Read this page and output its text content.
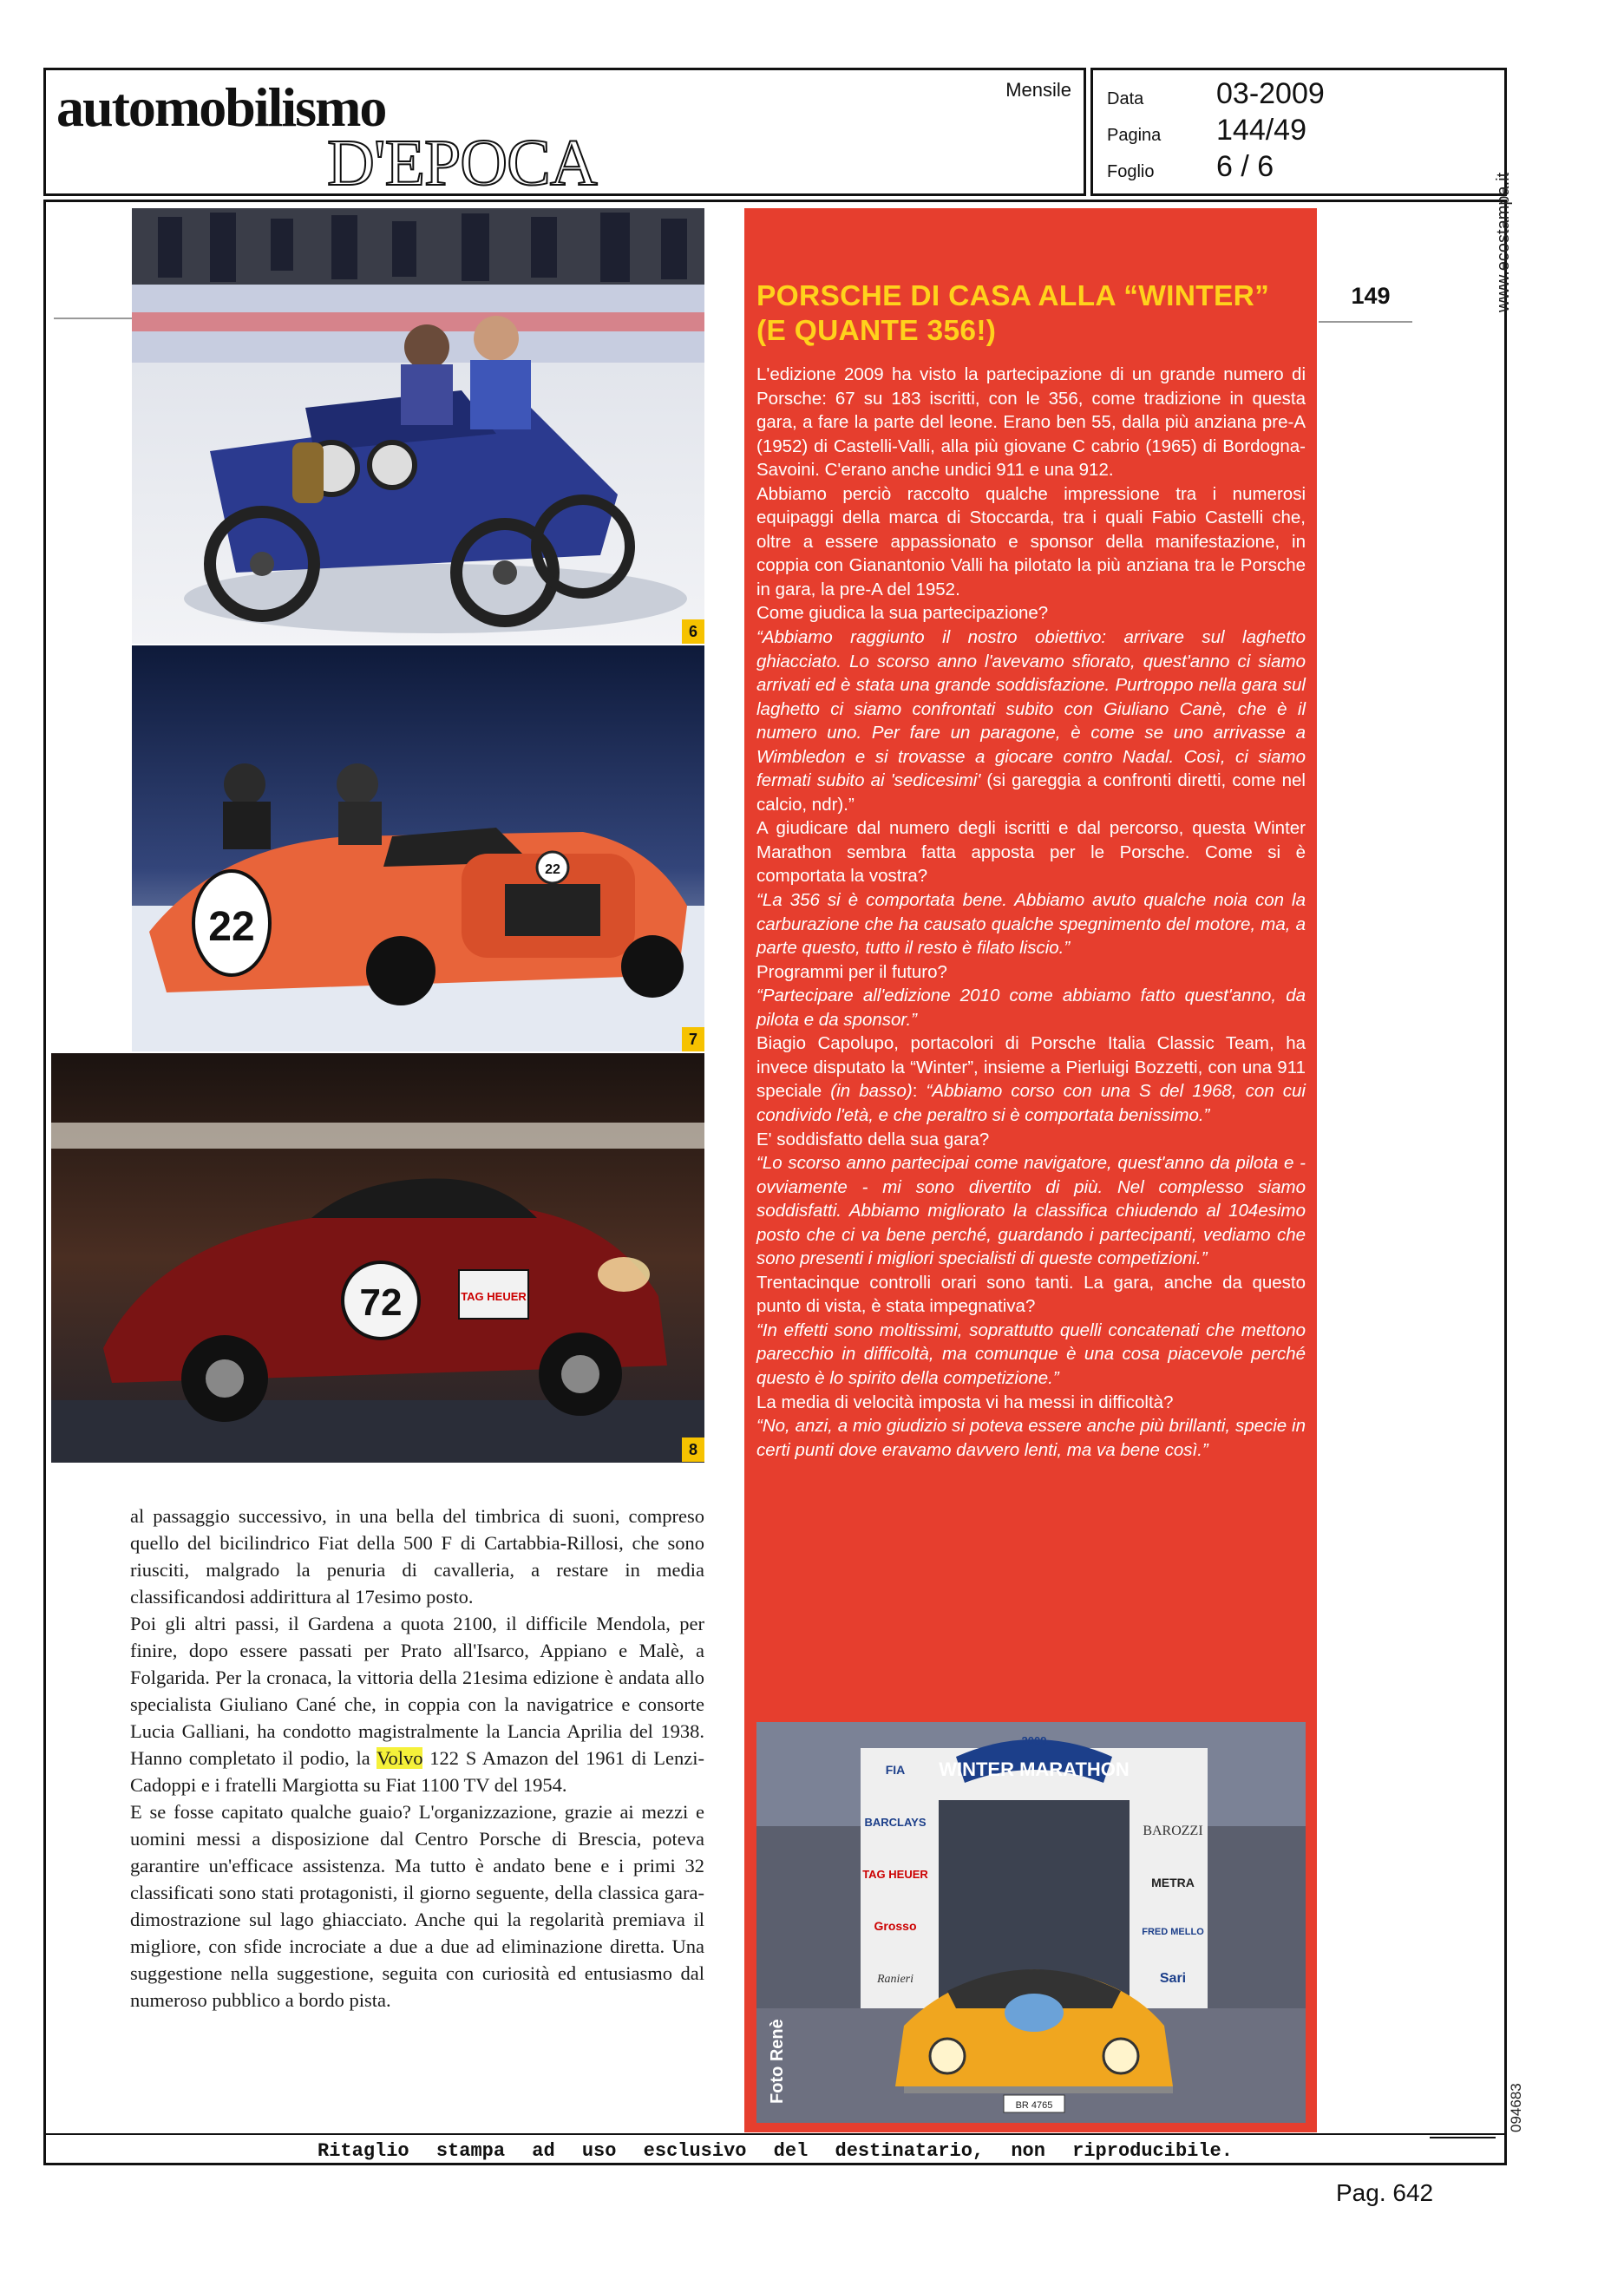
automobilismo
D'EPOCA
Mensile Data 03-2009
Pagina 144/49
Foglio 6 / 6
6
22
22
7
72	TAG HEUER
8

al passaggio successivo, in una bella del timbrica di suoni, compreso quello del bicilindrico Fiat della 500 F di Cartabbia-Rillosi, che sono riusciti, malgrado la penuria di cavalleria, a restare in media classificandosi addirittura al 17esimo posto.

Poi gli altri passi, il Gardena a quota 2100, il difficile Mendola, per finire, dopo essere passati per Prato all'Isarco, Appiano e Malè, a Folgarida. Per la cronaca, la vittoria della 21esima edizione è andata allo specialista Giuliano Cané che, in coppia con la navigatrice e consorte Lucia Galliani, ha condotto magistralmente la Lancia Aprilia del 1938. Hanno completato il podio, la Volvo 122 S Amazon del 1961 di Lenzi-Cadoppi e i fratelli Margiotta su Fiat 1100 TV del 1954.

E se fosse capitato qualche guaio? L'organizzazione, grazie ai mezzi e uomini messi a disposizione dal Centro Porsche di Brescia, poteva garantire un'efficace assistenza. Ma tutto è andato bene e i primi 32 classificati sono stati protagonisti, il giorno seguente, della classica gara-dimostrazione sul lago ghiacciato. Anche qui la regolarità premiava il migliore, con sfide incrociate a due a due ad eliminazione diretta. Una suggestione nella suggestione, seguita con curiosità ed entusiasmo dal numeroso pubblico a bordo pista.

PORSCHE DI CASA ALLA “WINTER”
(E QUANTE 356!)

L'edizione 2009 ha visto la partecipazione di un grande numero di Porsche: 67 su 183 iscritti, con le 356, come tradizione in questa gara, a fare la parte del leone. Erano ben 55, dalla più anziana pre-A (1952) di Castelli-Valli, alla più giovane C cabrio (1965) di Bordogna-Savoini. C'erano anche undici 911 e una 912.

Abbiamo perciò raccolto qualche impressione tra i numerosi equipaggi della marca di Stoccarda, tra i quali Fabio Castelli che, oltre a essere appassionato e sponsor della manifestazione, in coppia con Gianantonio Valli ha pilotato la più anziana tra le Porsche in gara, la pre-A del 1952.

Come giudica la sua partecipazione?

“Abbiamo raggiunto il nostro obiettivo: arrivare sul laghetto ghiacciato. Lo scorso anno l'avevamo sfiorato, quest'anno ci siamo arrivati ed è stata una grande soddisfazione. Purtroppo nella gara sul laghetto ci siamo confrontati subito con Giuliano Canè, che è il numero uno. Per fare un paragone, è come se uno arrivasse a Wimbledon e si trovasse a giocare contro Nadal. Così, ci siamo fermati subito ai 'sedicesimi' (si gareggia a confronti diretti, come nel calcio, ndr).”

A giudicare dal numero degli iscritti e dal percorso, questa Winter Marathon sembra fatta apposta per le Porsche. Come si è comportata la vostra?

“La 356 si è comportata bene. Abbiamo avuto qualche noia con la carburazione che ha causato qualche spegnimento del motore, ma, a parte questo, tutto il resto è filato liscio.”

Programmi per il futuro?

“Partecipare all'edizione 2010 come abbiamo fatto quest'anno, da pilota e da sponsor.”

Biagio Capolupo, portacolori di Porsche Italia Classic Team, ha invece disputato la “Winter”, insieme a Pierluigi Bozzetti, con una 911 speciale (in basso): “Abbiamo corso con una S del 1968, con cui condivido l'età, e che peraltro si è comportata benissimo.”

E' soddisfatto della sua gara?

“Lo scorso anno partecipai come navigatore, quest'anno da pilota e - ovviamente - mi sono divertito di più. Nel complesso siamo soddisfatti. Abbiamo migliorato la classifica chiudendo al 104esimo posto che ci va bene perché, guardando i partecipanti, vediamo che sono presenti i migliori specialisti di queste competizioni.”

Trentacinque controlli orari sono tanti. La gara, anche da questo punto di vista, è stata impegnativa?

“In effetti sono moltissimi, soprattutto quelli concatenati che mettono parecchio in difficoltà, ma comunque è una cosa piacevole perché questo è lo spirito della competizione.”

La media di velocità imposta vi ha messi in difficoltà?

“No, anzi, a mio giudizio si poteva essere anche più brillanti, specie in certi punti dove eravamo davvero lenti, ma va bene così.”

WINTER MARATHON
2009
FIA
BARCLAYS
TAG HEUER
Grosso
Ranieri
BAROZZI
METRA
Sari
FRED MELLO
BR 4765
Foto Renè
149	www.ecostampa.it
094683
Ritaglio stampa ad uso esclusivo del destinatario, non riproducibile.
Pag. 642
